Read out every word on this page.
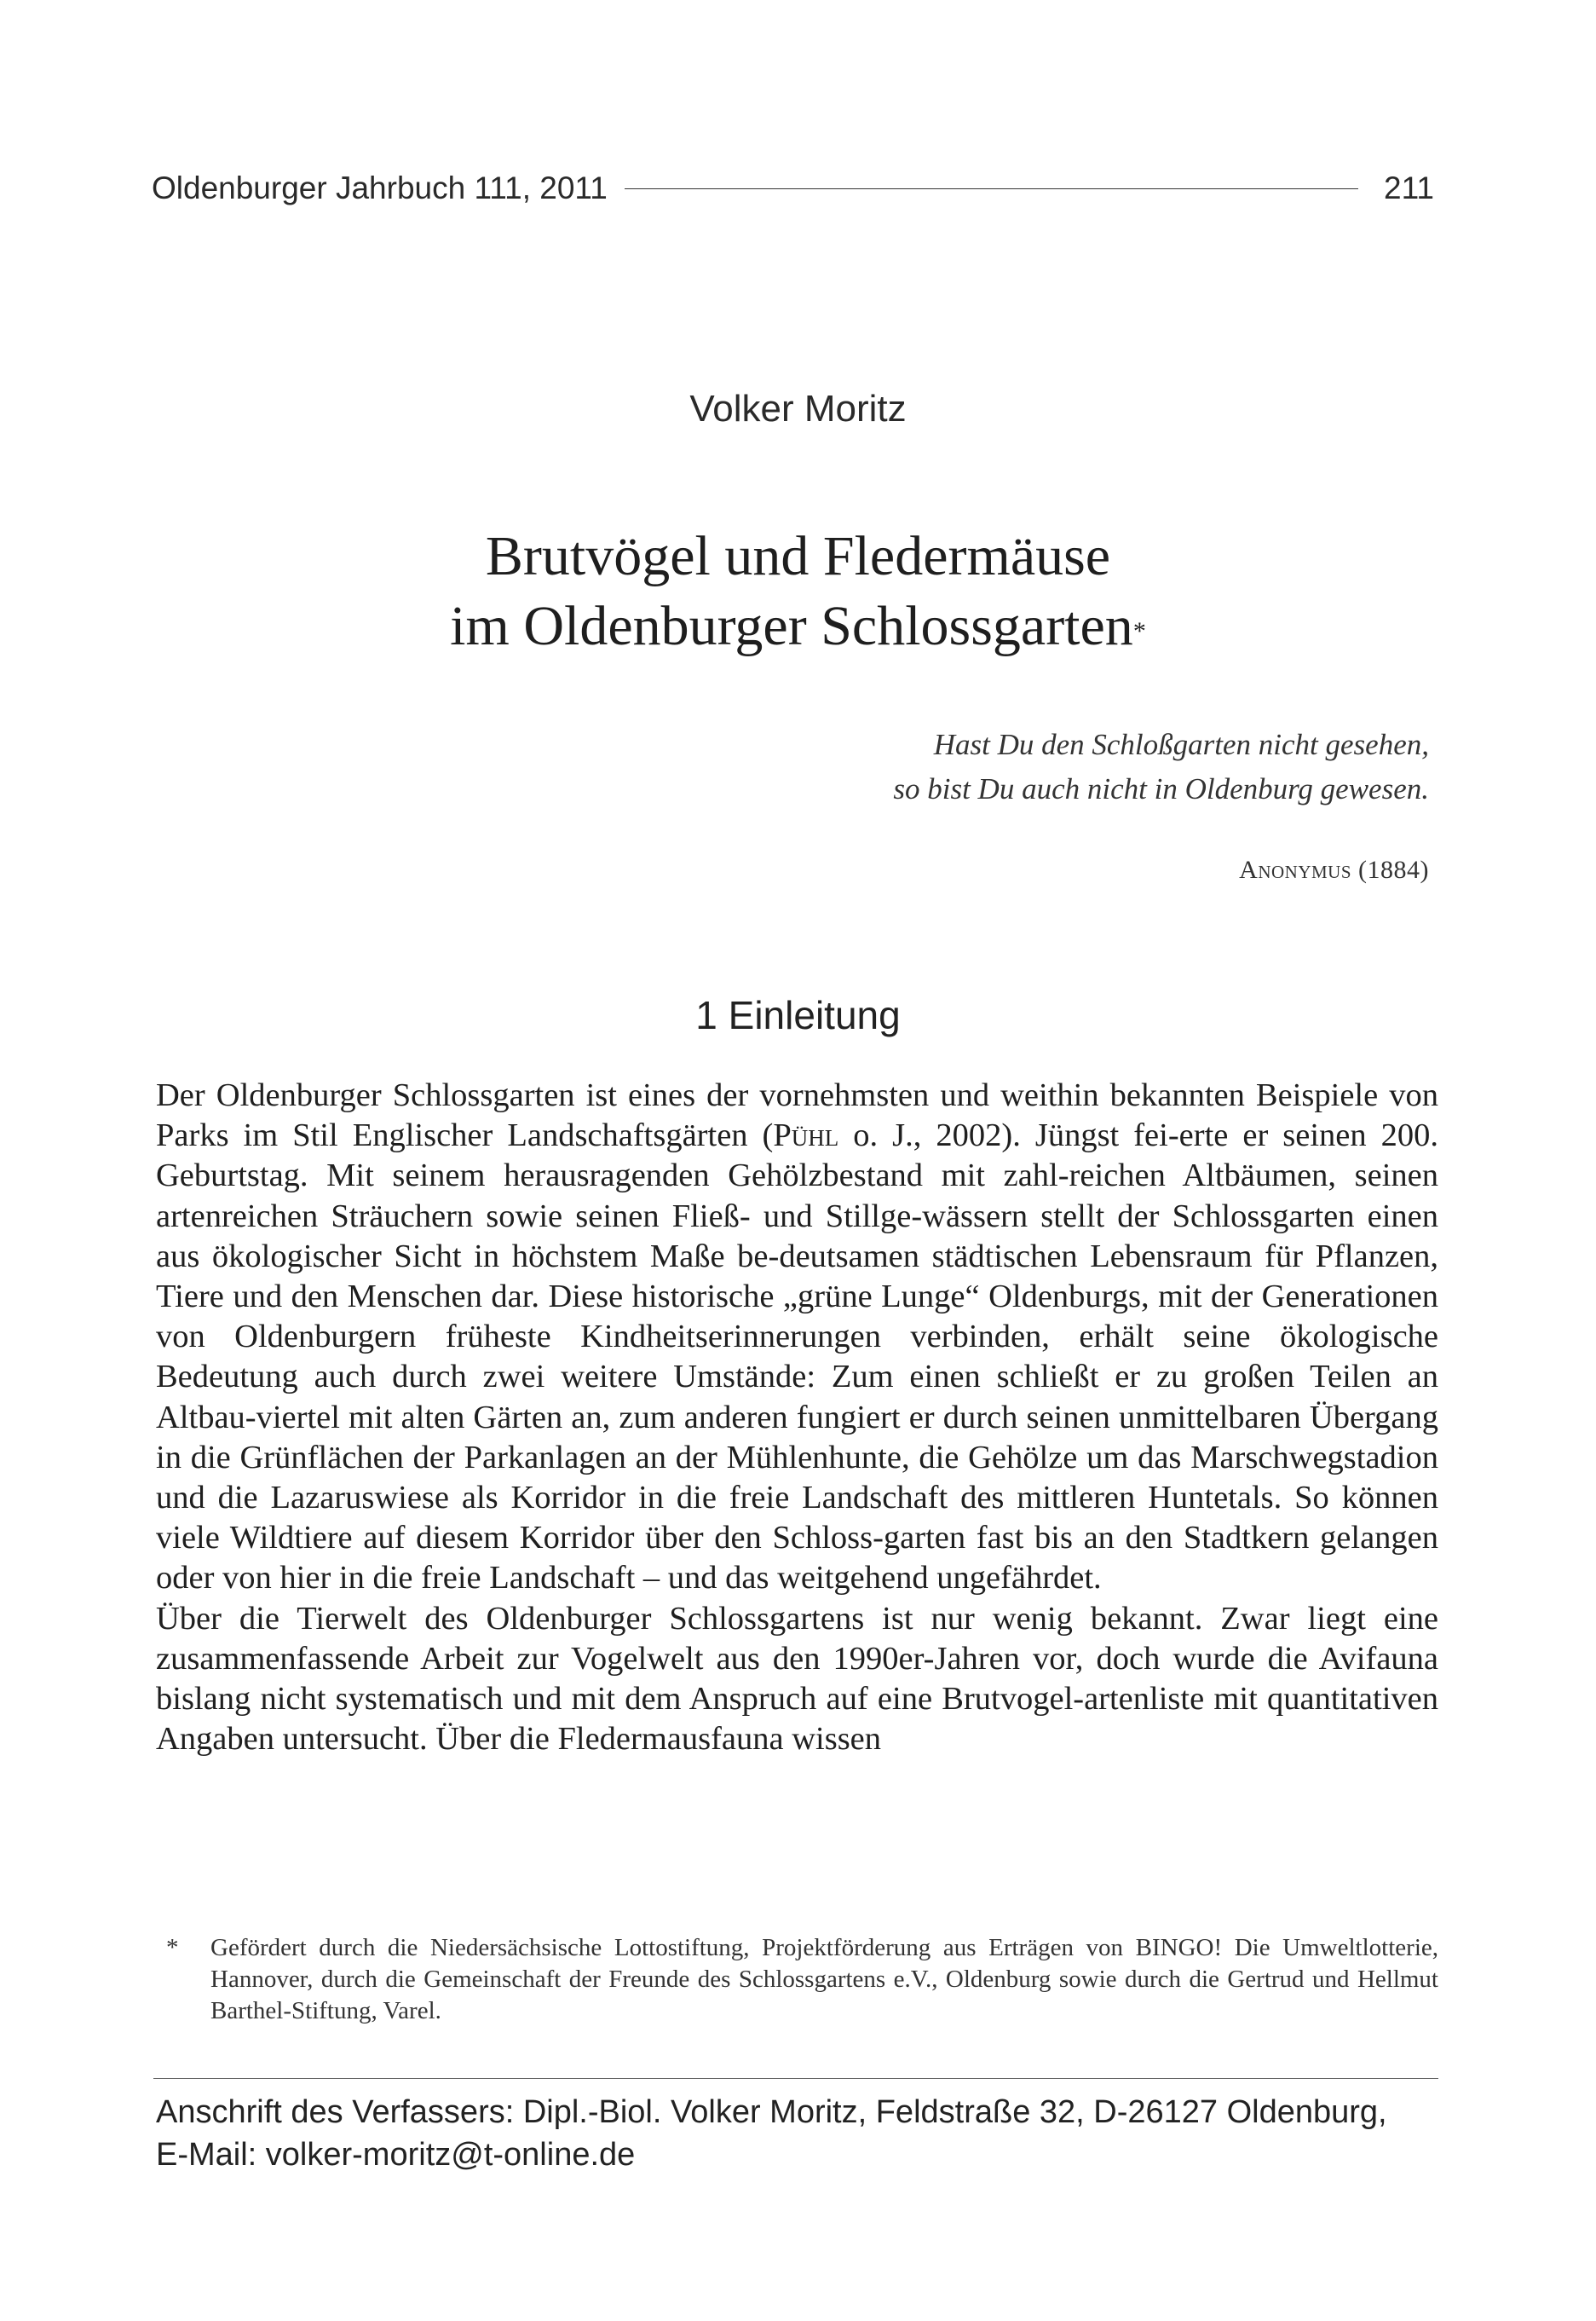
Oldenburger Jahrbuch 111, 2011	211
Volker Moritz
Brutvögel und Fledermäuse
im Oldenburger Schlossgarten*
Hast Du den Schloßgarten nicht gesehen,
so bist Du auch nicht in Oldenburg gewesen.
Anonymus (1884)
1 Einleitung

Der Oldenburger Schlossgarten ist eines der vornehmsten und weithin bekannten Beispiele von Parks im Stil Englischer Landschaftsgärten (Pühl o. J., 2002). Jüngst fei-erte er seinen 200. Geburtstag. Mit seinem herausragenden Gehölzbestand mit zahl-reichen Altbäumen, seinen artenreichen Sträuchern sowie seinen Fließ- und Stillge-wässern stellt der Schlossgarten einen aus ökologischer Sicht in höchstem Maße be-deutsamen städtischen Lebensraum für Pflanzen, Tiere und den Menschen dar. Diese historische „grüne Lunge“ Oldenburgs, mit der Generationen von Oldenburgern früheste Kindheitserinnerungen verbinden, erhält seine ökologische Bedeutung auch durch zwei weitere Umstände: Zum einen schließt er zu großen Teilen an Altbau-viertel mit alten Gärten an, zum anderen fungiert er durch seinen unmittelbaren Übergang in die Grünflächen der Parkanlagen an der Mühlenhunte, die Gehölze um das Marschwegstadion und die Lazaruswiese als Korridor in die freie Landschaft des mittleren Huntetals. So können viele Wildtiere auf diesem Korridor über den Schloss-garten fast bis an den Stadtkern gelangen oder von hier in die freie Landschaft – und das weitgehend ungefährdet.

Über die Tierwelt des Oldenburger Schlossgartens ist nur wenig bekannt. Zwar liegt eine zusammenfassende Arbeit zur Vogelwelt aus den 1990er-Jahren vor, doch wurde die Avifauna bislang nicht systematisch und mit dem Anspruch auf eine Brutvogel-artenliste mit quantitativen Angaben untersucht. Über die Fledermausfauna wissen

*	Gefördert durch die Niedersächsische Lottostiftung, Projektförderung aus Erträgen von BINGO! Die Umweltlotterie, Hannover, durch die Gemeinschaft der Freunde des Schlossgartens e.V., Oldenburg sowie durch die Gertrud und Hellmut Barthel-Stiftung, Varel.
Anschrift des Verfassers: Dipl.-Biol. Volker Moritz, Feldstraße 32, D-26127 Oldenburg,
E-Mail: volker-moritz@t-online.de
